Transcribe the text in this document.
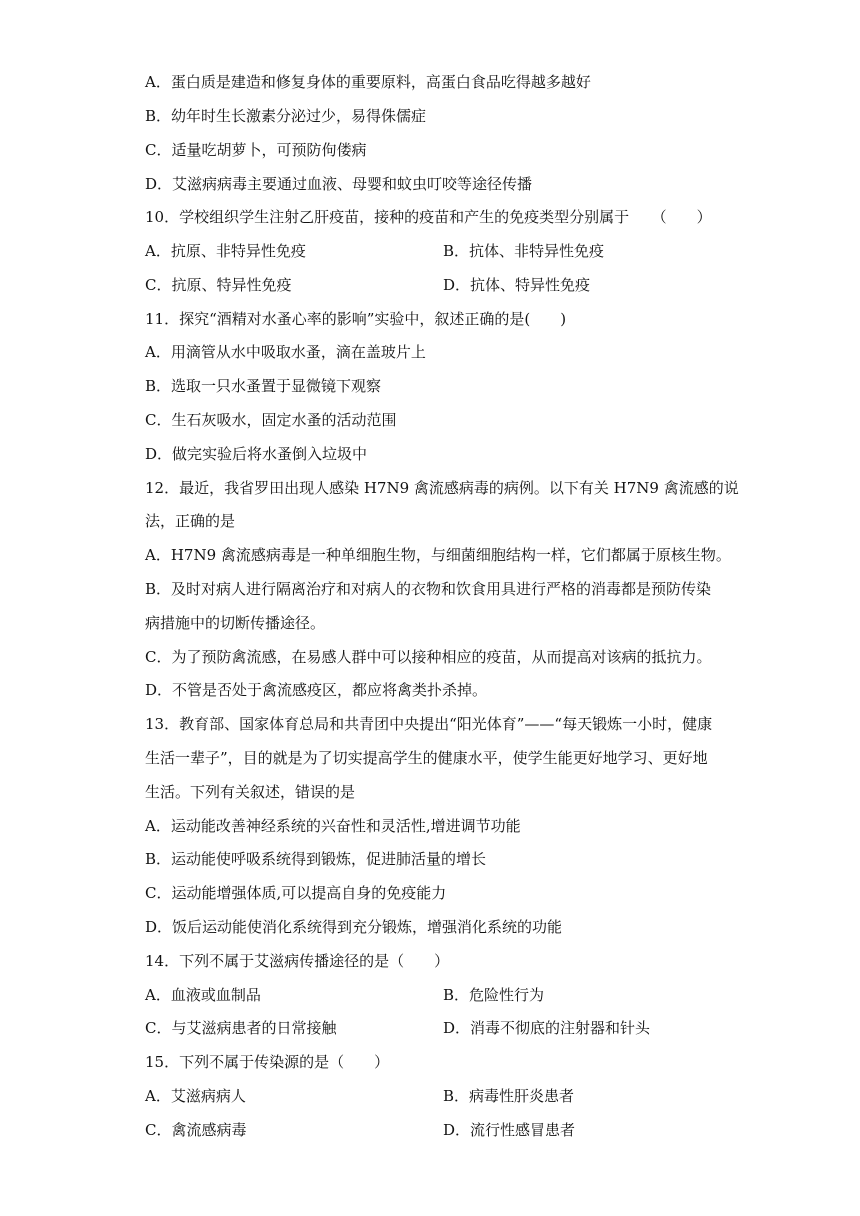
A．蛋白质是建造和修复身体的重要原料，高蛋白食品吃得越多越好
B．幼年时生长激素分泌过少，易得侏儒症
C．适量吃胡萝卜，可预防佝偻病
D．艾滋病病毒主要通过血液、母婴和蚊虫叮咬等途径传播
10．学校组织学生注射乙肝疫苗，接种的疫苗和产生的免疫类型分别属于　　（　　）
A．抗原、非特异性免疫	B．抗体、非特异性免疫
C．抗原、特异性免疫	D．抗体、特异性免疫
11．探究“酒精对水蚤心率的影响”实验中，叙述正确的是(　　)
A．用滴管从水中吸取水蚤，滴在盖玻片上
B．选取一只水蚤置于显微镜下观察
C．生石灰吸水，固定水蚤的活动范围
D．做完实验后将水蚤倒入垃圾中
12．最近，我省罗田出现人感染 H7N9 禽流感病毒的病例。以下有关 H7N9 禽流感的说
法，正确的是
A．H7N9 禽流感病毒是一种单细胞生物，与细菌细胞结构一样，它们都属于原核生物。
B．及时对病人进行隔离治疗和对病人的衣物和饮食用具进行严格的消毒都是预防传染
病措施中的切断传播途径。
C．为了预防禽流感，在易感人群中可以接种相应的疫苗，从而提高对该病的抵抗力。
D．不管是否处于禽流感疫区，都应将禽类扑杀掉。
13．教育部、国家体育总局和共青团中央提出“阳光体育”——“每天锻炼一小时，健康
生活一辈子”，目的就是为了切实提高学生的健康水平，使学生能更好地学习、更好地
生活。下列有关叙述，错误的是
A．运动能改善神经系统的兴奋性和灵活性,增进调节功能
B．运动能使呼吸系统得到锻炼，促进肺活量的增长
C．运动能增强体质,可以提高自身的免疫能力
D．饭后运动能使消化系统得到充分锻炼，增强消化系统的功能
14．下列不属于艾滋病传播途径的是（　　）
A．血液或血制品	B．危险性行为
C．与艾滋病患者的日常接触	D．消毒不彻底的注射器和针头
15．下列不属于传染源的是（　　）
A．艾滋病病人	B．病毒性肝炎患者
C．禽流感病毒	D．流行性感冒患者
